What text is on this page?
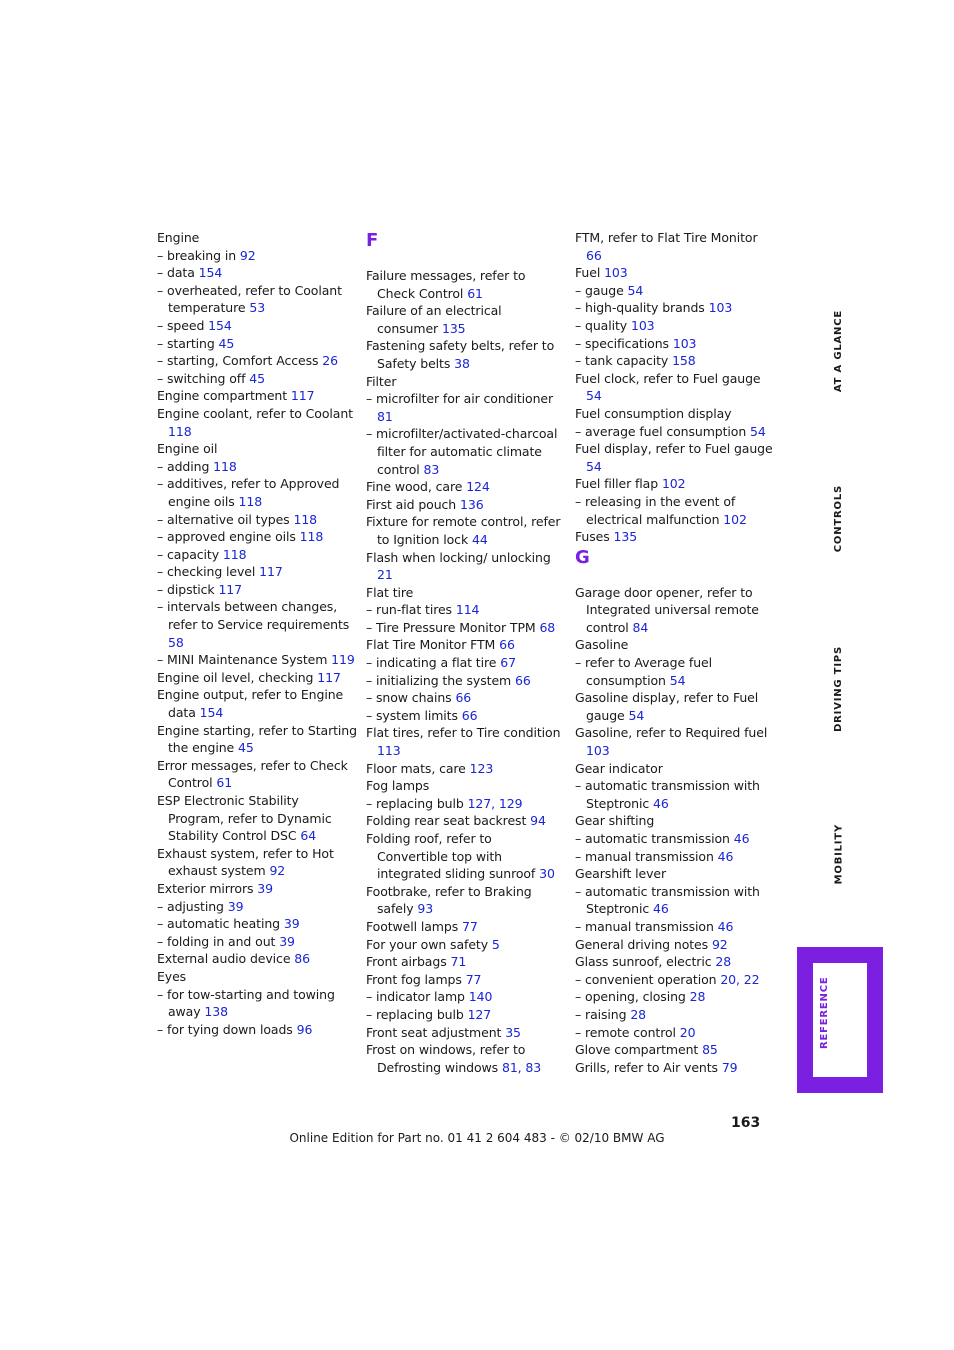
Engine
– breaking in 92
– data 154
– overheated, refer to Coolant temperature 53
– speed 154
– starting 45
– starting, Comfort Access 26
– switching off 45
Engine compartment 117
Engine coolant, refer to Coolant 118
Engine oil
– adding 118
– additives, refer to Approved engine oils 118
– alternative oil types 118
– approved engine oils 118
– capacity 118
– checking level 117
– dipstick 117
– intervals between changes, refer to Service requirements 58
– MINI Maintenance System 119
Engine oil level, checking 117
Engine output, refer to Engine data 154
Engine starting, refer to Starting the engine 45
Error messages, refer to Check Control 61
ESP Electronic Stability Program, refer to Dynamic Stability Control DSC 64
Exhaust system, refer to Hot exhaust system 92
Exterior mirrors 39
– adjusting 39
– automatic heating 39
– folding in and out 39
External audio device 86
Eyes
– for tow-starting and towing away 138
– for tying down loads 96
F
Failure messages, refer to Check Control 61
Failure of an electrical consumer 135
Fastening safety belts, refer to Safety belts 38
Filter
– microfilter for air conditioner 81
– microfilter/activated-charcoal filter for automatic climate control 83
Fine wood, care 124
First aid pouch 136
Fixture for remote control, refer to Ignition lock 44
Flash when locking/ unlocking 21
Flat tire
– run-flat tires 114
– Tire Pressure Monitor TPM 68
Flat Tire Monitor FTM 66
– indicating a flat tire 67
– initializing the system 66
– snow chains 66
– system limits 66
Flat tires, refer to Tire condition 113
Floor mats, care 123
Fog lamps
– replacing bulb 127, 129
Folding rear seat backrest 94
Folding roof, refer to Convertible top with integrated sliding sunroof 30
Footbrake, refer to Braking safely 93
Footwell lamps 77
For your own safety 5
Front airbags 71
Front fog lamps 77
– indicator lamp 140
– replacing bulb 127
Front seat adjustment 35
Frost on windows, refer to Defrosting windows 81, 83
FTM, refer to Flat Tire Monitor 66
Fuel 103
– gauge 54
– high-quality brands 103
– quality 103
– specifications 103
– tank capacity 158
Fuel clock, refer to Fuel gauge 54
Fuel consumption display
– average fuel consumption 54
Fuel display, refer to Fuel gauge 54
Fuel filler flap 102
– releasing in the event of electrical malfunction 102
Fuses 135
G
Garage door opener, refer to Integrated universal remote control 84
Gasoline
– refer to Average fuel consumption 54
Gasoline display, refer to Fuel gauge 54
Gasoline, refer to Required fuel 103
Gear indicator
– automatic transmission with Steptronic 46
Gear shifting
– automatic transmission 46
– manual transmission 46
Gearshift lever
– automatic transmission with Steptronic 46
– manual transmission 46
General driving notes 92
Glass sunroof, electric 28
– convenient operation 20, 22
– opening, closing 28
– raising 28
– remote control 20
Glove compartment 85
Grills, refer to Air vents 79
AT A GLANCE
CONTROLS
DRIVING TIPS
MOBILITY
REFERENCE
163
Online Edition for Part no. 01 41 2 604 483 - © 02/10 BMW AG
